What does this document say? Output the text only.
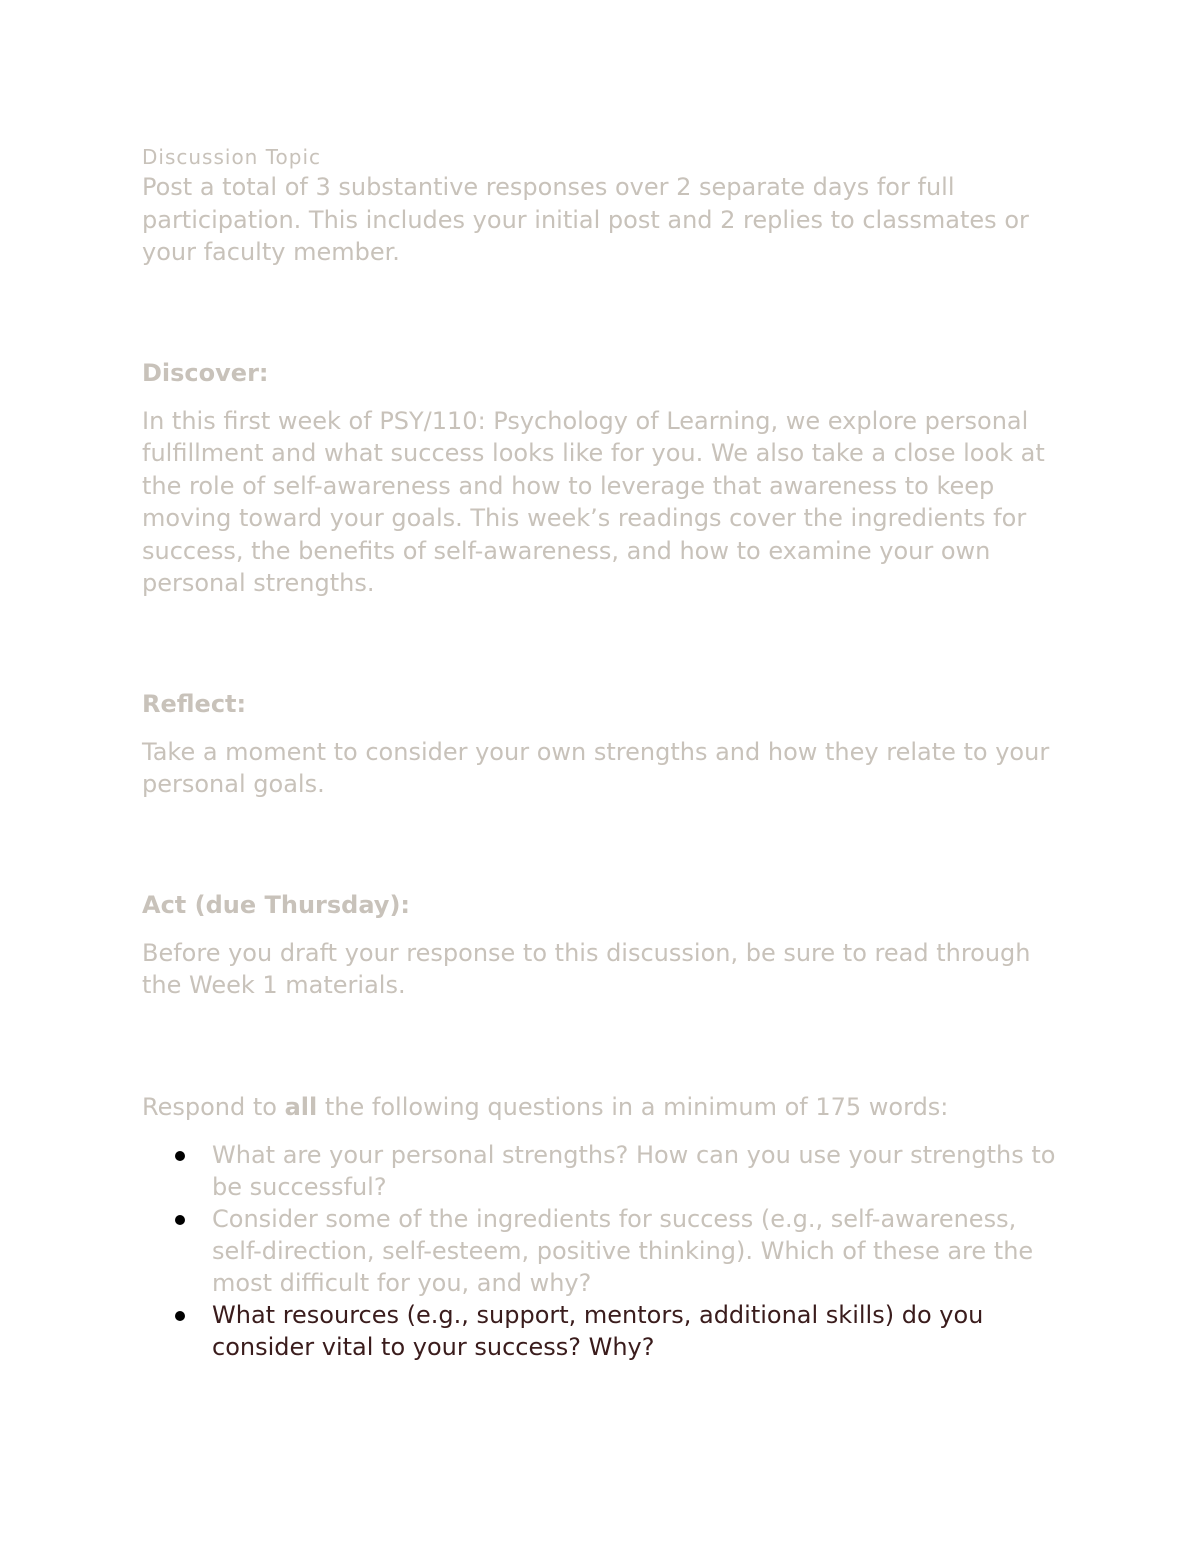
Discussion Topic

Post a total of 3 substantive responses over 2 separate days for full participation. This includes your initial post and 2 replies to classmates or your faculty member.

Discover:

In this first week of PSY/110: Psychology of Learning, we explore personal fulfillment and what success looks like for you. We also take a close look at the role of self-awareness and how to leverage that awareness to keep moving toward your goals. This week’s readings cover the ingredients for success, the benefits of self-awareness, and how to examine your own personal strengths.

Reflect:

Take a moment to consider your own strengths and how they relate to your personal goals.

Act (due Thursday):

Before you draft your response to this discussion, be sure to read through the Week 1 materials.

Respond to all the following questions in a minimum of 175 words:

What are your personal strengths? How can you use your strengths to be successful?
Consider some of the ingredients for success (e.g., self-awareness, self-direction, self-esteem, positive thinking). Which of these are the most difficult for you, and why?
What resources (e.g., support, mentors, additional skills) do you consider vital to your success? Why?
